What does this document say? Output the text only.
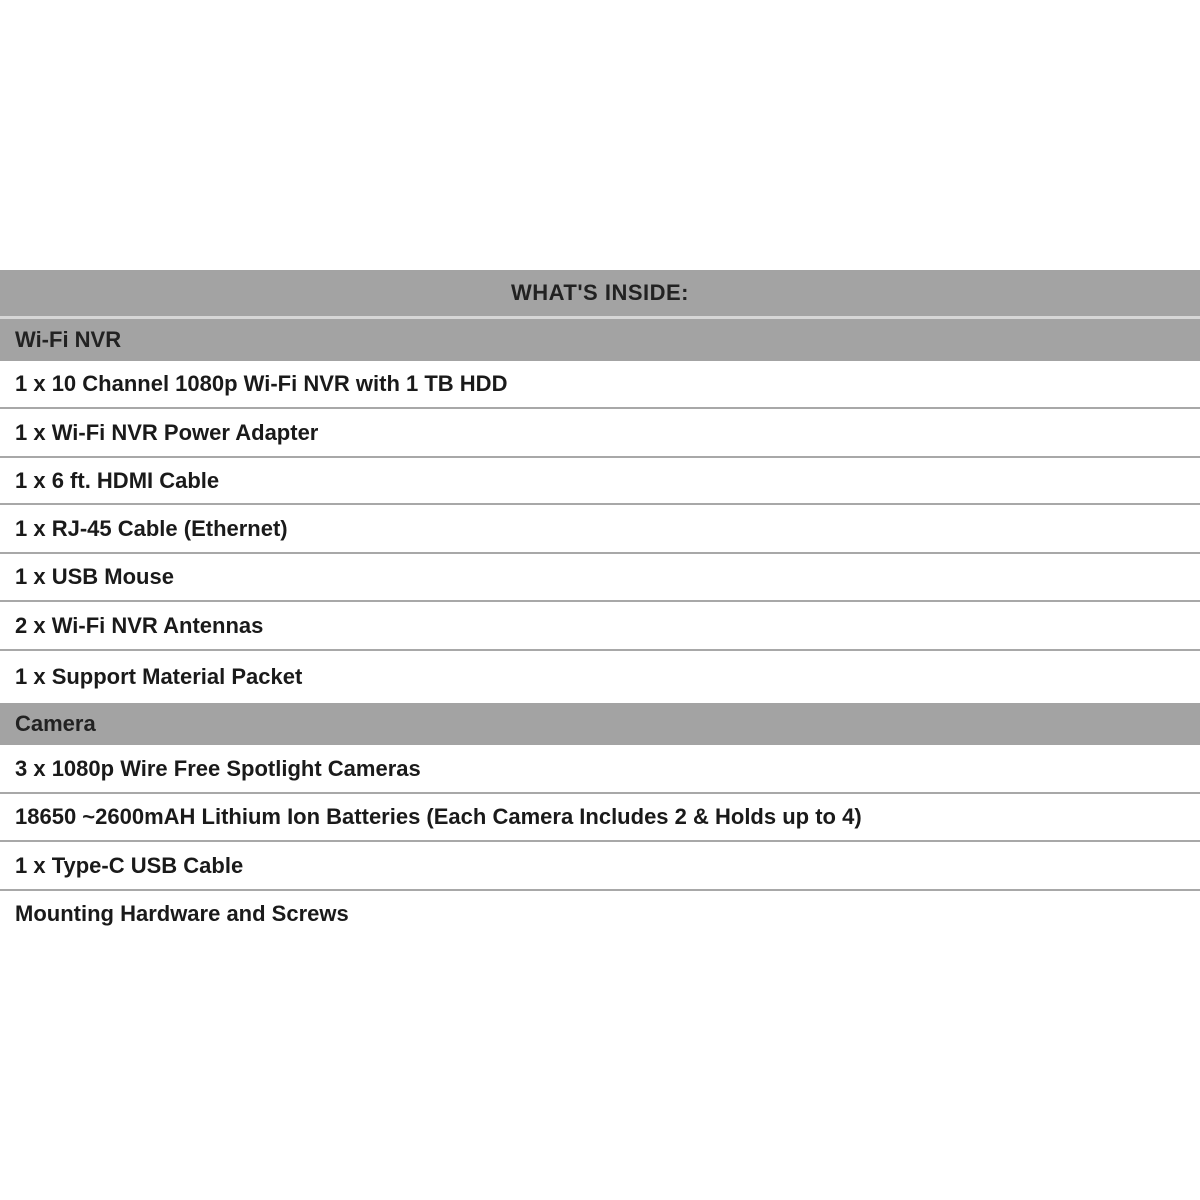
WHAT'S INSIDE:
Wi-Fi NVR
1 x 10 Channel 1080p Wi-Fi NVR with 1 TB HDD
1 x Wi-Fi NVR Power Adapter
1 x 6 ft. HDMI Cable
1 x RJ-45 Cable (Ethernet)
1 x USB Mouse
2 x Wi-Fi NVR Antennas
1 x Support Material Packet
Camera
3 x 1080p Wire Free Spotlight Cameras
18650 ~2600mAH Lithium Ion Batteries (Each Camera Includes 2 & Holds up to 4)
1 x Type-C USB Cable
Mounting Hardware and Screws
